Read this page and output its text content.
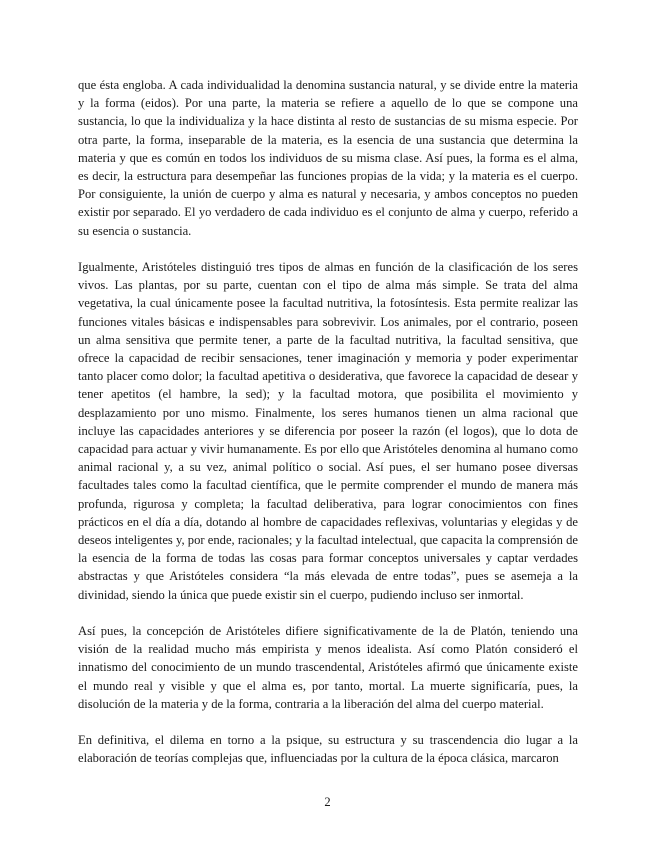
que ésta engloba. A cada individualidad la denomina sustancia natural, y se divide entre la materia y la forma (eidos). Por una parte, la materia se refiere a aquello de lo que se compone una sustancia, lo que la individualiza y la hace distinta al resto de sustancias de su misma especie. Por otra parte, la forma, inseparable de la materia, es la esencia de una sustancia que determina la materia y que es común en todos los individuos de su misma clase. Así pues, la forma es el alma, es decir, la estructura para desempeñar las funciones propias de la vida; y la materia es el cuerpo. Por consiguiente, la unión de cuerpo y alma es natural y necesaria, y ambos conceptos no pueden existir por separado. El yo verdadero de cada individuo es el conjunto de alma y cuerpo, referido a su esencia o sustancia.

Igualmente, Aristóteles distinguió tres tipos de almas en función de la clasificación de los seres vivos. Las plantas, por su parte, cuentan con el tipo de alma más simple. Se trata del alma vegetativa, la cual únicamente posee la facultad nutritiva, la fotosíntesis. Esta permite realizar las funciones vitales básicas e indispensables para sobrevivir. Los animales, por el contrario, poseen un alma sensitiva que permite tener, a parte de la facultad nutritiva, la facultad sensitiva, que ofrece la capacidad de recibir sensaciones, tener imaginación y memoria y poder experimentar tanto placer como dolor; la facultad apetitiva o desiderativa, que favorece la capacidad de desear y tener apetitos (el hambre, la sed); y la facultad motora, que posibilita el movimiento y desplazamiento por uno mismo. Finalmente, los seres humanos tienen un alma racional que incluye las capacidades anteriores y se diferencia por poseer la razón (el logos), que lo dota de capacidad para actuar y vivir humanamente. Es por ello que Aristóteles denomina al humano como animal racional y, a su vez, animal político o social. Así pues, el ser humano posee diversas facultades tales como la facultad científica, que le permite comprender el mundo de manera más profunda, rigurosa y completa; la facultad deliberativa, para lograr conocimientos con fines prácticos en el día a día, dotando al hombre de capacidades reflexivas, voluntarias y elegidas y de deseos inteligentes y, por ende, racionales; y la facultad intelectual, que capacita la comprensión de la esencia de la forma de todas las cosas para formar conceptos universales y captar verdades abstractas y que Aristóteles considera “la más elevada de entre todas”, pues se asemeja a la divinidad, siendo la única que puede existir sin el cuerpo, pudiendo incluso ser inmortal.

Así pues, la concepción de Aristóteles difiere significativamente de la de Platón, teniendo una visión de la realidad mucho más empirista y menos idealista. Así como Platón consideró el innatismo del conocimiento de un mundo trascendental, Aristóteles afirmó que únicamente existe el mundo real y visible y que el alma es, por tanto, mortal. La muerte significaría, pues, la disolución de la materia y de la forma, contraria a la liberación del alma del cuerpo material.

En definitiva, el dilema en torno a la psique, su estructura y su trascendencia dio lugar a la elaboración de teorías complejas que, influenciadas por la cultura de la época clásica, marcaron

2
